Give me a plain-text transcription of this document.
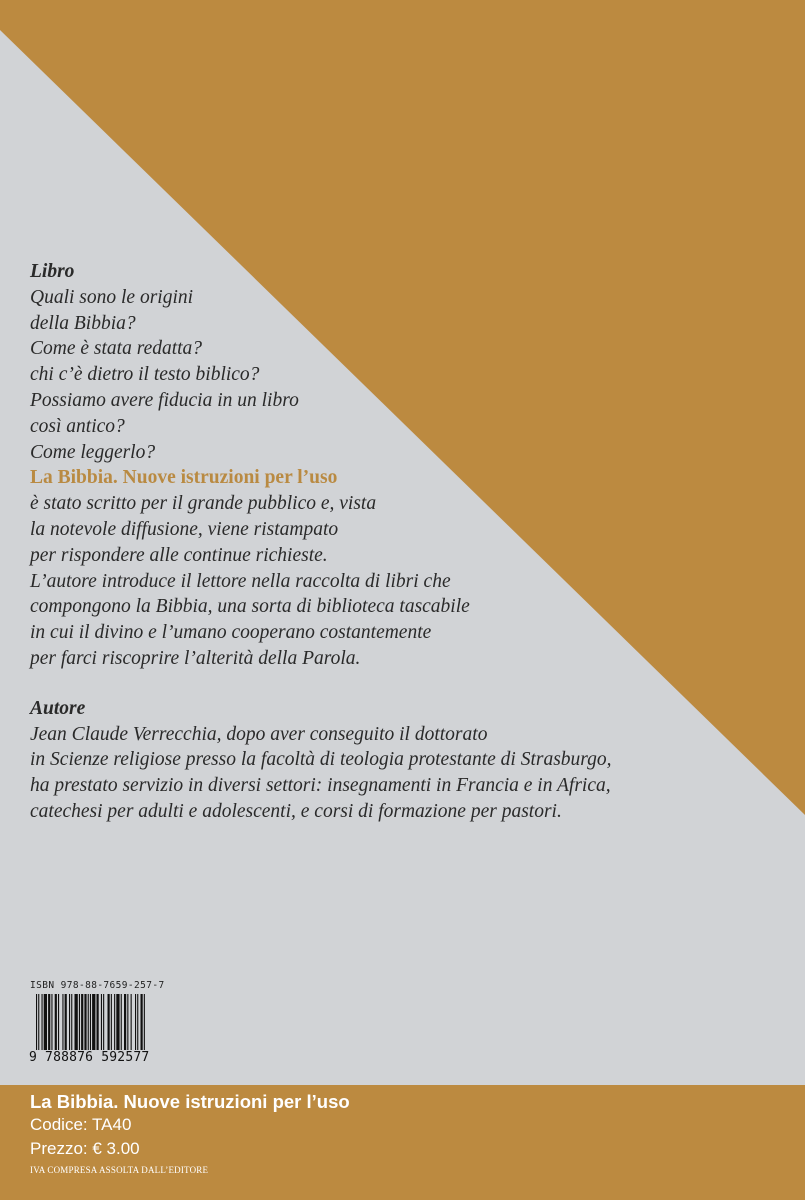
Libro
Quali sono le origini
della Bibbia?
Come è stata redatta?
chi c’è dietro il testo biblico?
Possiamo avere fiducia in un libro
così antico?
Come leggerlo?
La Bibbia. Nuove istruzioni per l’uso
è stato scritto per il grande pubblico e, vista
la notevole diffusione, viene ristampato
per rispondere alle continue richieste.
L’autore introduce il lettore nella raccolta di libri che
compongono la Bibbia, una sorta di biblioteca tascabile
in cui il divino e l’umano cooperano costantemente
per farci riscoprire l’alterità della Parola.
Autore
Jean Claude Verrecchia, dopo aver conseguito il dottorato
in Scienze religiose presso la facoltà di teologia protestante di Strasburgo,
ha prestato servizio in diversi settori: insegnamenti in Francia e in Africa,
catechesi per adulti e adolescenti, e corsi di formazione per pastori.
ISBN 978-88-7659-257-7
9 788876 592577
La Bibbia. Nuove istruzioni per l’uso
Codice: TA40
Prezzo: € 3.00
IVA COMPRESA ASSOLTA DALL’EDITORE
